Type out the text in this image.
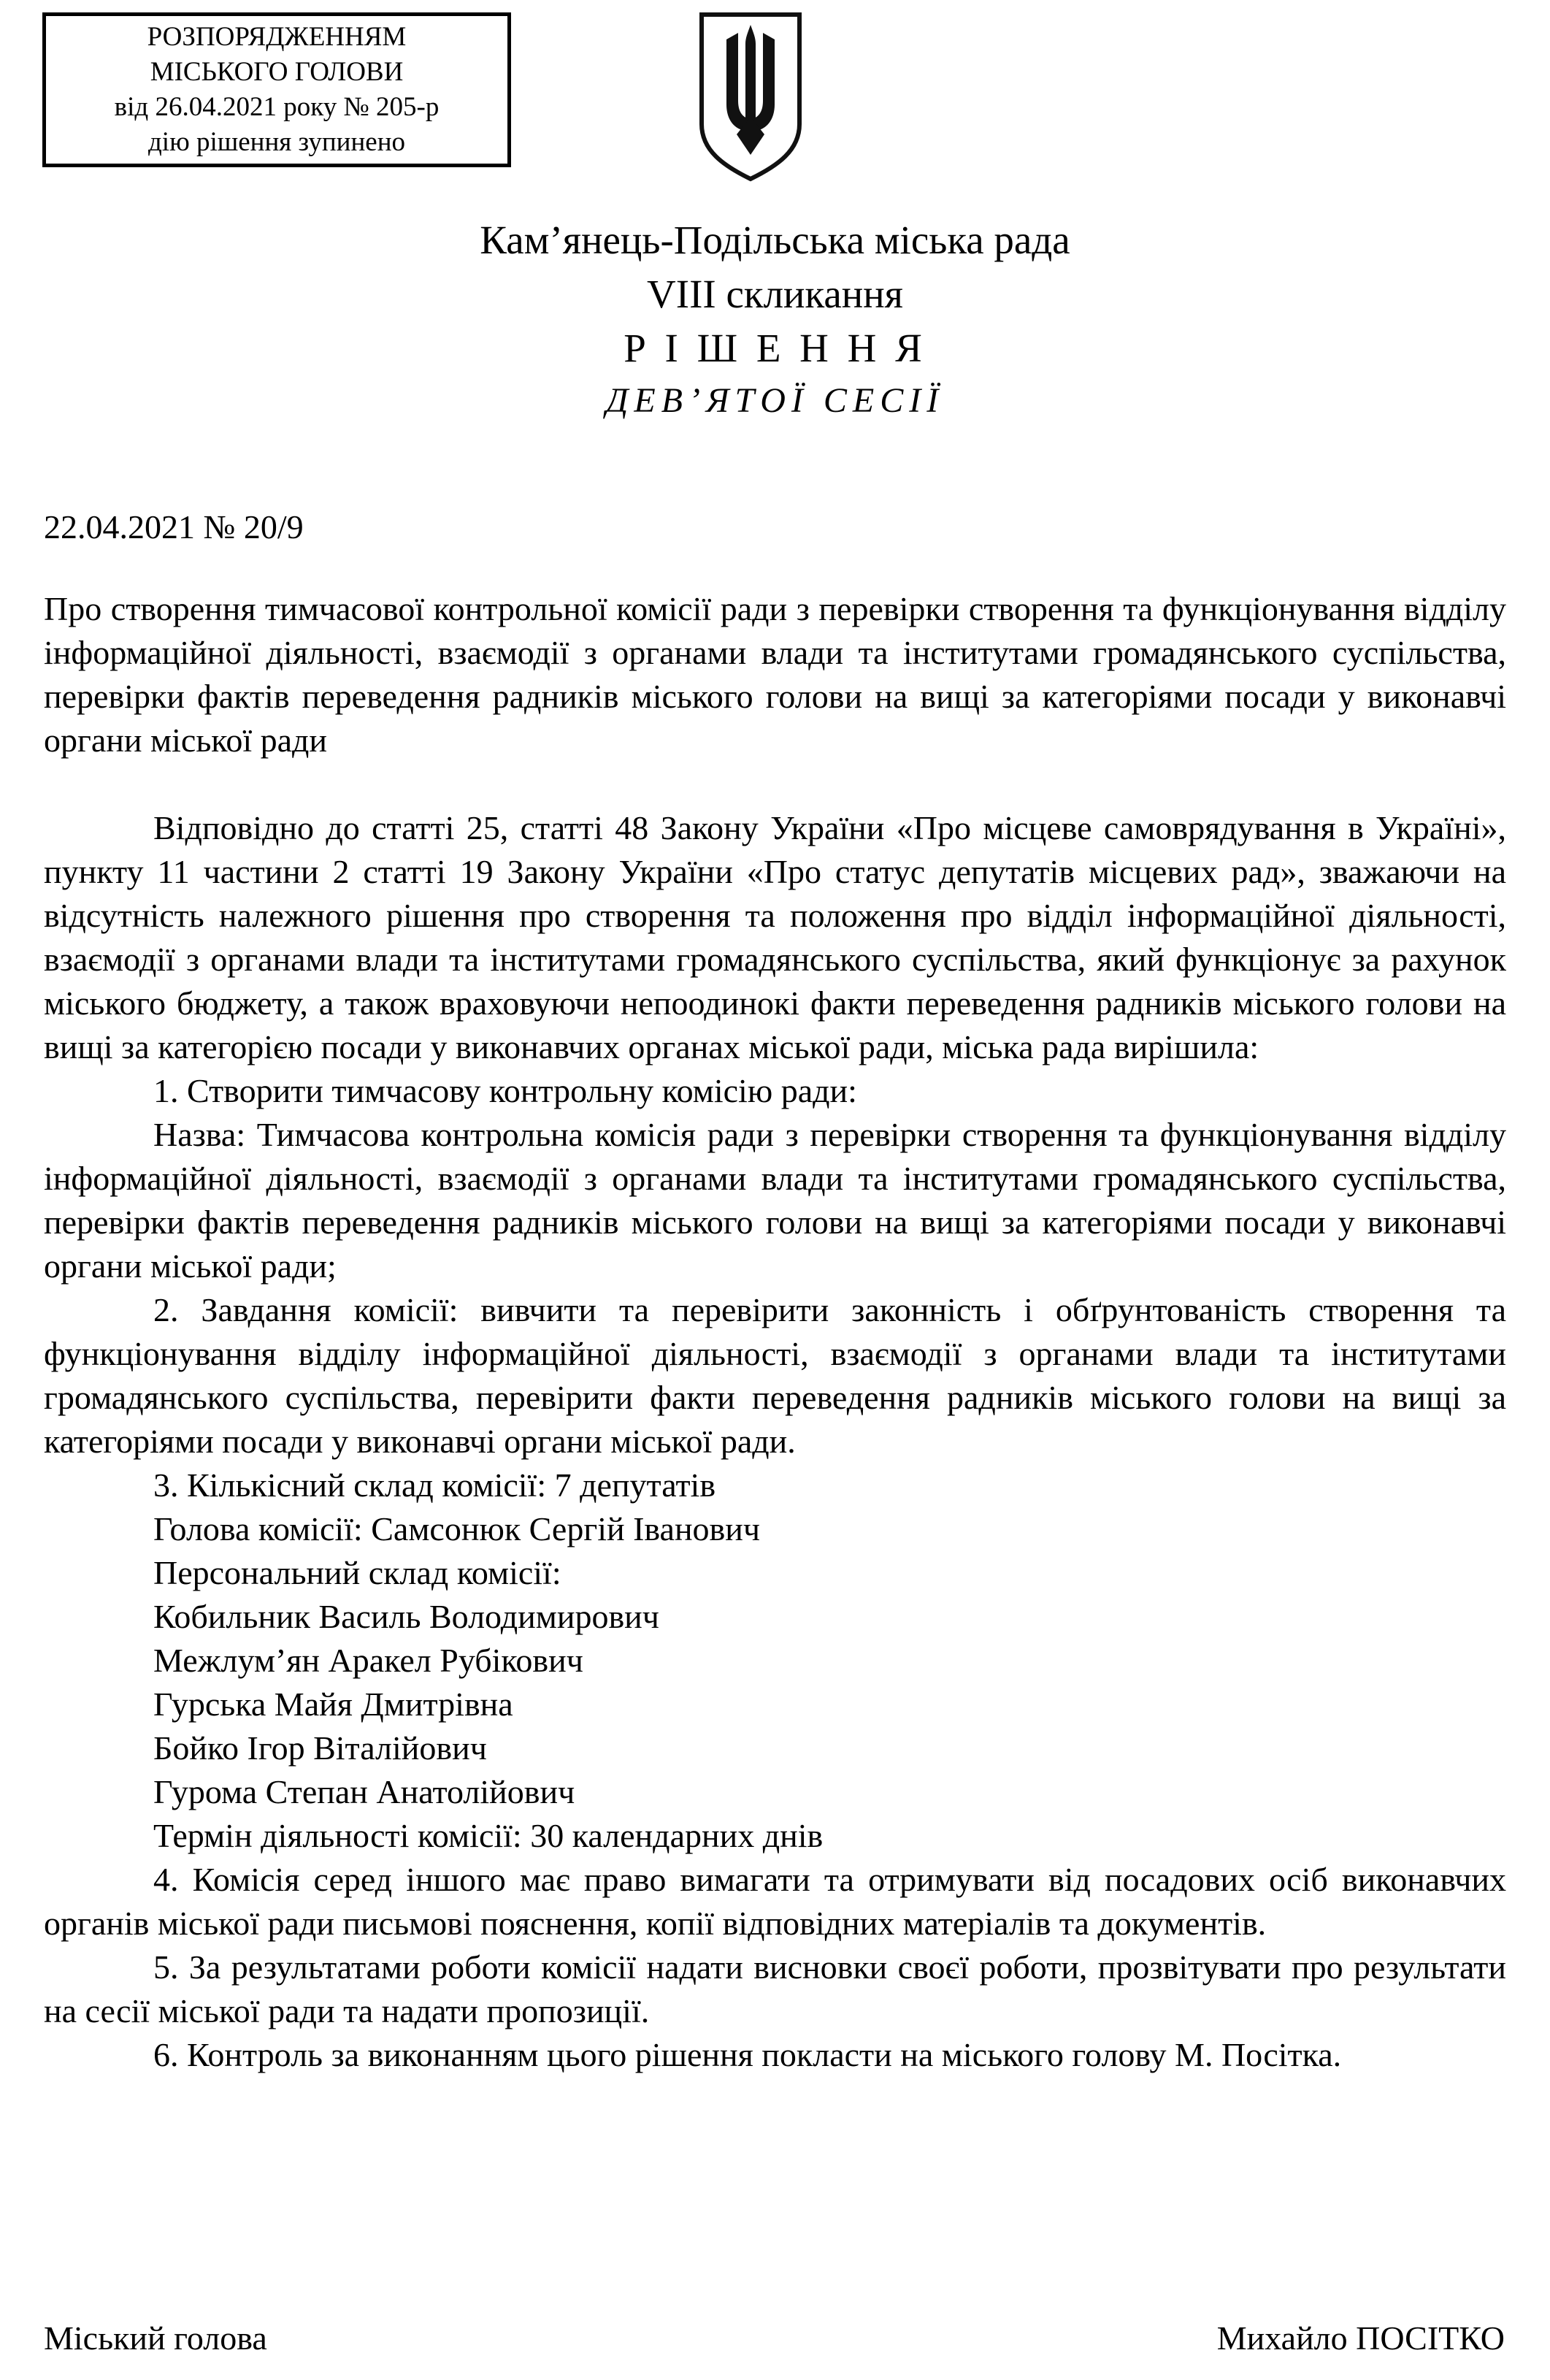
РОЗПОРЯДЖЕННЯМ
МІСЬКОГО ГОЛОВИ
від 26.04.2021 року № 205-р
дію рішення зупинено
Кам’янець-Подільська міська рада
VIII скликання
Р І Ш Е Н Н Я
ДЕВ’ЯТОЇ СЕСІЇ
22.04.2021 № 20/9

Про створення тимчасової контрольної комісії ради з перевірки створення та функціонування відділу інформаційної діяльності, взаємодії з органами влади та інститутами громадянського суспільства, перевірки фактів переведення радників міського голови на вищі за категоріями посади у виконавчі органи міської ради

Відповідно до статті 25, статті 48 Закону України «Про місцеве самоврядування в Україні», пункту 11 частини 2 статті 19 Закону України «Про статус депутатів місцевих рад», зважаючи на відсутність належного рішення про створення та положення про відділ інформаційної діяльності, взаємодії з органами влади та інститутами громадянського суспільства, який функціонує за рахунок міського бюджету, а також враховуючи непоодинокі факти переведення радників міського голови на вищі за категорією посади у виконавчих органах міської ради, міська рада вирішила:

1. Створити тимчасову контрольну комісію ради:

Назва: Тимчасова контрольна комісія ради з перевірки створення та функціонування відділу інформаційної діяльності, взаємодії з органами влади та інститутами громадянського суспільства, перевірки фактів переведення радників міського голови на вищі за категоріями посади у виконавчі органи міської ради;

2. Завдання комісії: вивчити та перевірити законність і обґрунтованість створення та функціонування відділу інформаційної діяльності, взаємодії з органами влади та інститутами громадянського суспільства, перевірити факти переведення радників міського голови на вищі за категоріями посади у виконавчі органи міської ради.

3. Кількісний склад комісії: 7 депутатів

Голова комісії: Самсонюк Сергій Іванович

Персональний склад комісії:

Кобильник Василь Володимирович

Межлум’ян Аракел Рубікович

Гурська Майя Дмитрівна

Бойко Ігор Віталійович

Гурома Степан Анатолійович

Термін діяльності комісії: 30 календарних днів

4. Комісія серед іншого має право вимагати та отримувати від посадових осіб виконавчих органів міської ради письмові пояснення, копії відповідних матеріалів та документів.

5. За результатами роботи комісії надати висновки своєї роботи, прозвітувати про результати на сесії міської ради та надати пропозиції.

6. Контроль за виконанням цього рішення покласти на міського голову М. Посітка.

Міський голова	Михайло ПОСІТКО
